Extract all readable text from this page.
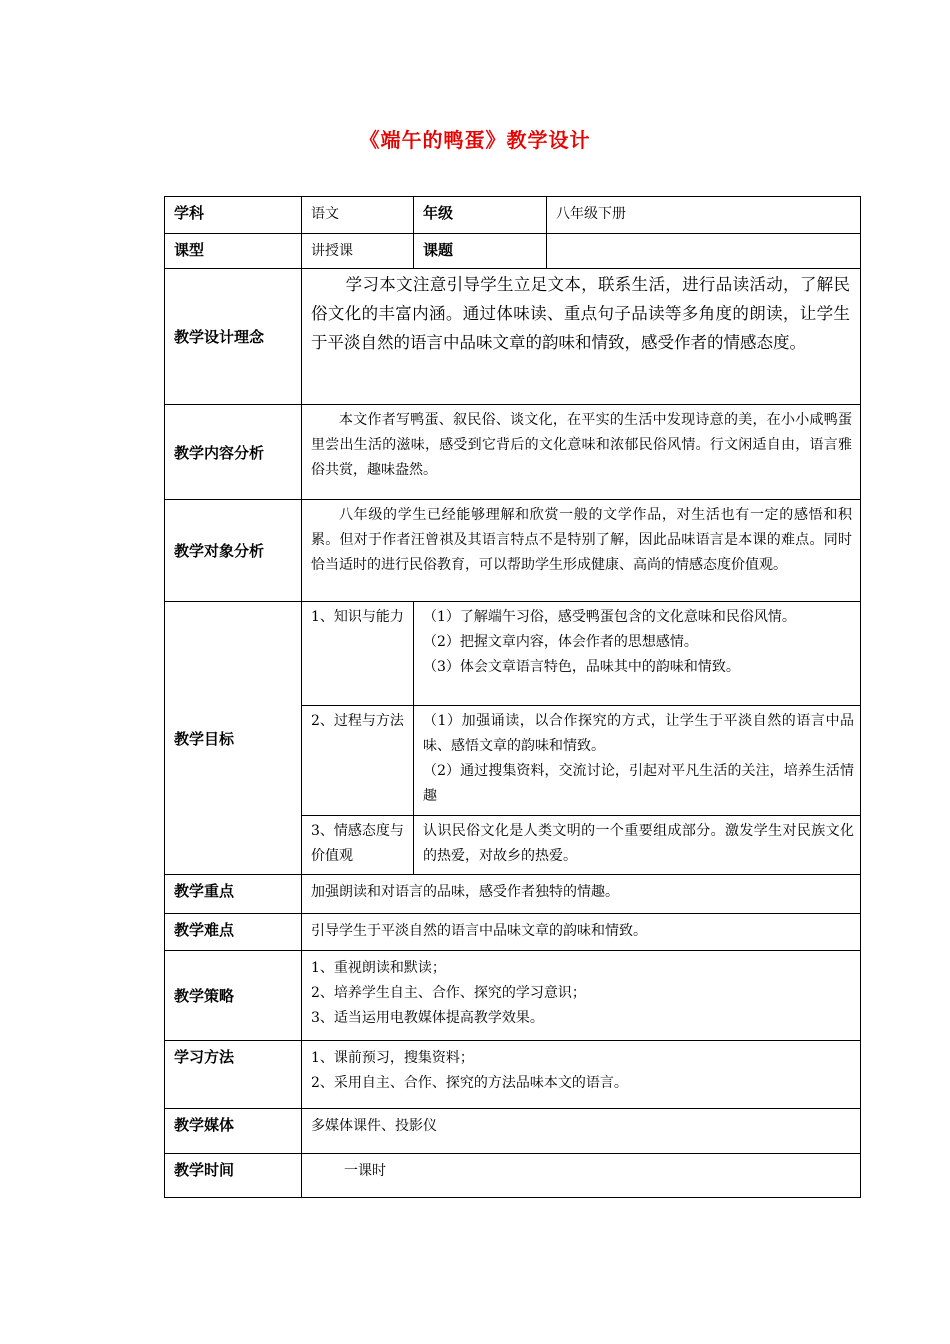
《端午的鸭蛋》教学设计
学科	语文	年级	八年级下册
课型	讲授课	课题	
教学设计理念	学习本文注意引导学生立足文本，联系生活，进行品读活动，了解民俗文化的丰富内涵。通过体味读、重点句子品读等多角度的朗读，让学生于平淡自然的语言中品味文章的韵味和情致，感受作者的情感态度。		

教学内容分析	本文作者写鸭蛋、叙民俗、谈文化，在平实的生活中发现诗意的美，在小小咸鸭蛋里尝出生活的滋味，感受到它背后的文化意味和浓郁民俗风情。行文闲适自由，语言雅俗共赏，趣味盎然。		

教学对象分析	八年级的学生已经能够理解和欣赏一般的文学作品，对生活也有一定的感悟和积累。但对于作者汪曾祺及其语言特点不是特别了解，因此品味语言是本课的难点。同时恰当适时的进行民俗教育，可以帮助学生形成健康、高尚的情感态度价值观。		

教学目标	1、知识与能力	（1）了解端午习俗，感受鸭蛋包含的文化意味和民俗风情。

（2）把握文章内容，体会作者的思想感情。

（3）体会文章语言特色，品味其中的韵味和情致。	

	2、过程与方法	（1）加强诵读，以合作探究的方式，让学生于平淡自然的语言中品味、感悟文章的韵味和情致。

（2）通过搜集资料，交流讨论，引起对平凡生活的关注，培养生活情趣	

	3、情感态度与价值观	认识民俗文化是人类文明的一个重要组成部分。激发学生对民族文化的热爱，对故乡的热爱。	

教学重点	加强朗读和对语言的品味，感受作者独特的情趣。		
教学难点	引导学生于平淡自然的语言中品味文章的韵味和情致。		
教学策略	1、重视朗读和默读；

2、培养学生自主、合作、探究的学习意识；

3、适当运用电教媒体提高教学效果。		

学习方法	1、课前预习，搜集资料；

2、采用自主、合作、探究的方法品味本文的语言。		

教学媒体	多媒体课件、投影仪		
教学时间	一课时		
